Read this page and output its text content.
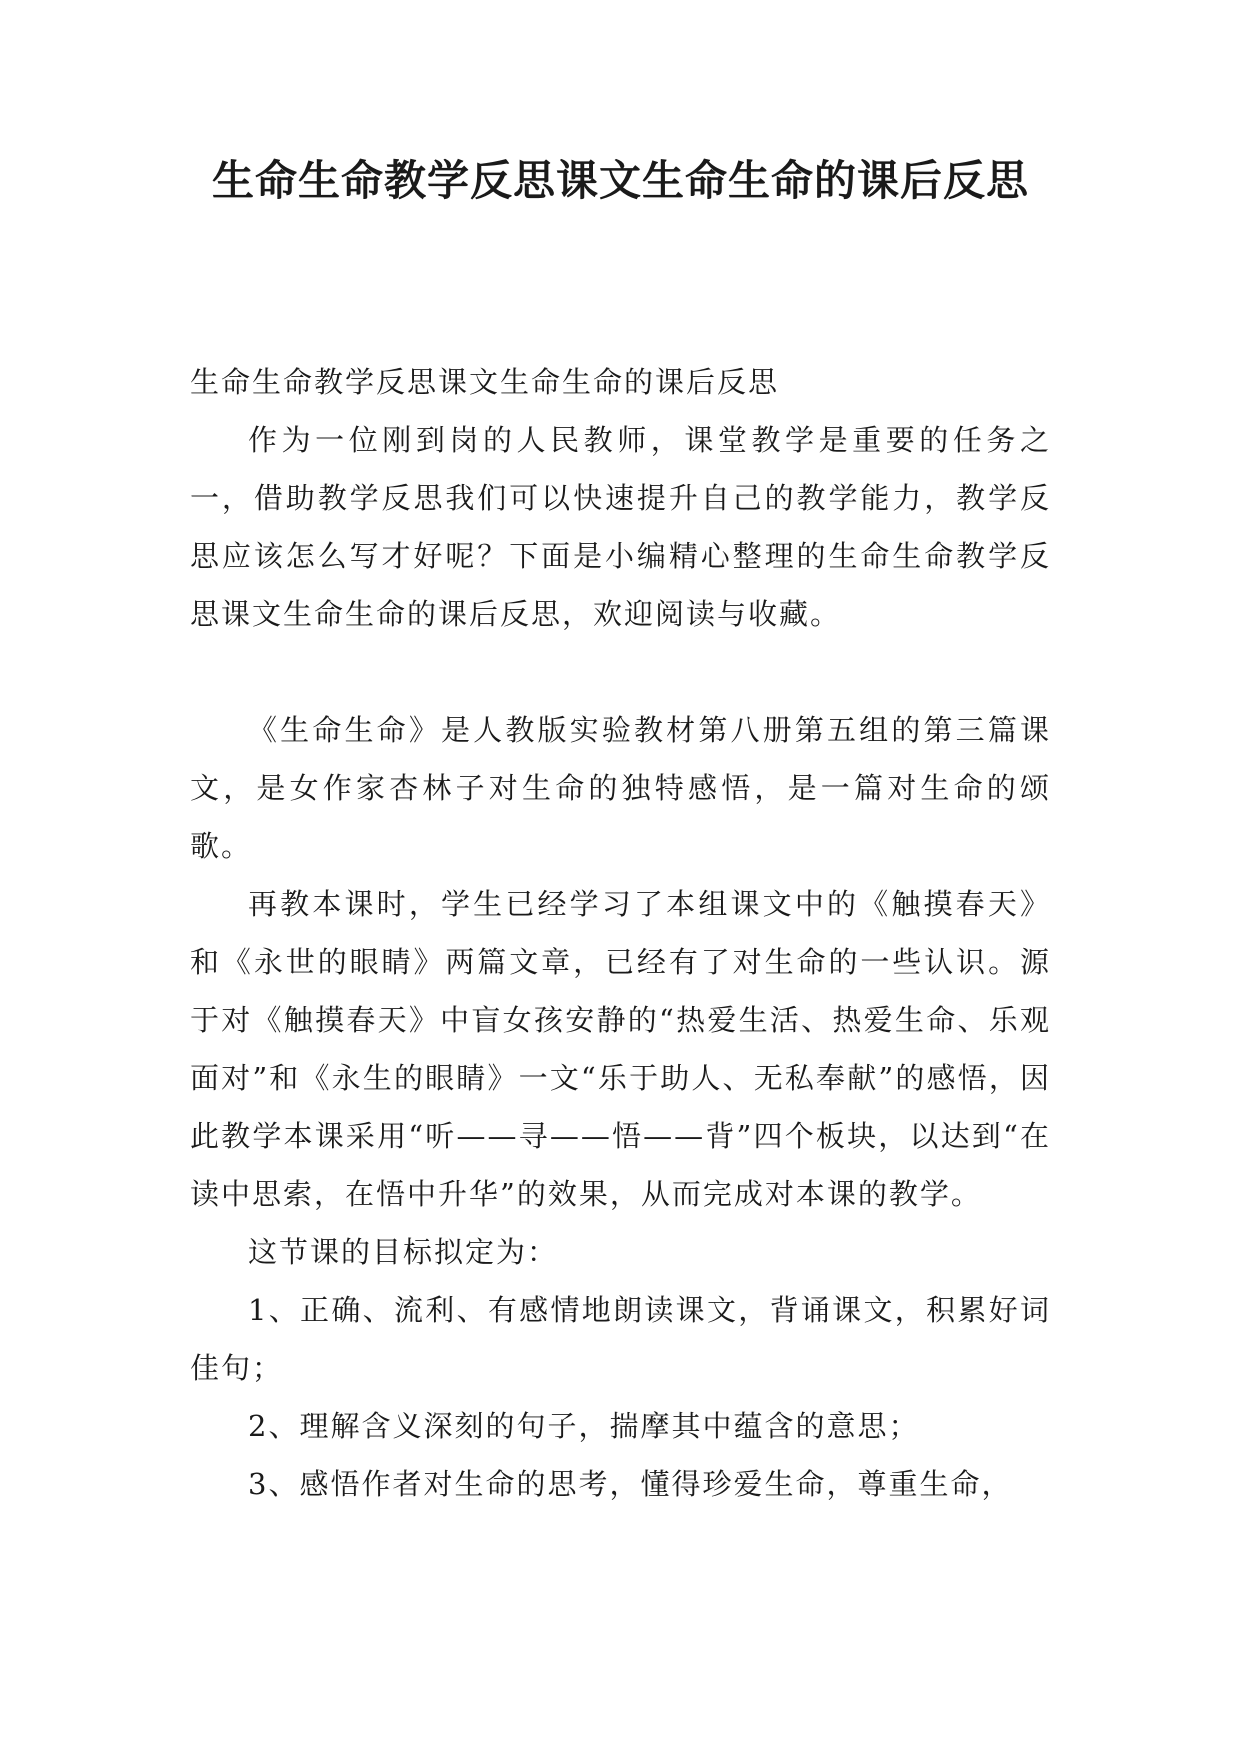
生命生命教学反思课文生命生命的课后反思

生命生命教学反思课文生命生命的课后反思

作为一位刚到岗的人民教师，课堂教学是重要的任务之一，借助教学反思我们可以快速提升自己的教学能力，教学反思应该怎么写才好呢？下面是小编精心整理的生命生命教学反思课文生命生命的课后反思，欢迎阅读与收藏。

《生命生命》是人教版实验教材第八册第五组的第三篇课文，是女作家杏林子对生命的独特感悟，是一篇对生命的颂歌。

再教本课时，学生已经学习了本组课文中的《触摸春天》和《永世的眼睛》两篇文章，已经有了对生命的一些认识。源于对《触摸春天》中盲女孩安静的“热爱生活、热爱生命、乐观面对”和《永生的眼睛》一文“乐于助人、无私奉献”的感悟，因此教学本课采用“听——寻——悟——背”四个板块，以达到“在读中思索，在悟中升华”的效果，从而完成对本课的教学。

这节课的目标拟定为：

1、正确、流利、有感情地朗读课文，背诵课文，积累好词佳句；

2、理解含义深刻的句子，揣摩其中蕴含的意思；

3、感悟作者对生命的思考，懂得珍爱生命，尊重生命，
